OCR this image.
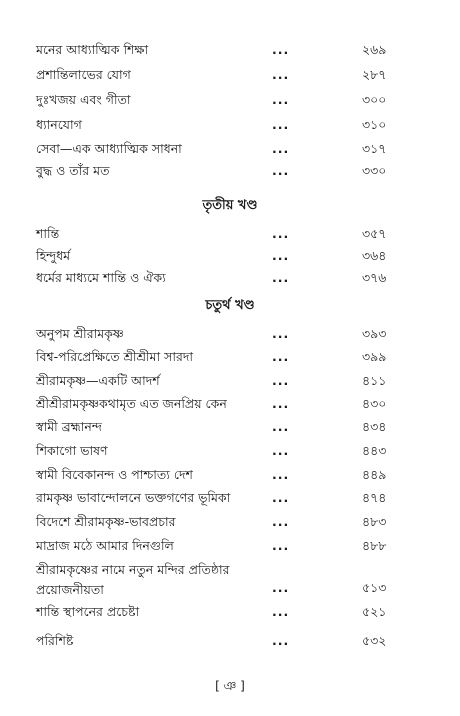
মনের আধ্যাত্মিক শিক্ষা	...	২৬৯
প্রশান্তিলাভের যোগ	...	২৮৭
দুঃখজয় এবং গীতা	...	৩০০
ধ্যানযোগ	...	৩১০
সেবা—এক আধ্যাত্মিক সাধনা	...	৩১৭
বুদ্ধ ও তাঁর মত	...	৩৩০
তৃতীয় খণ্ড
শান্তি	...	৩৫৭
হিন্দুধর্ম	...	৩৬৪
ধর্মের মাধ্যমে শান্তি ও ঐক্য	...	৩৭৬
চতুর্থ খণ্ড
অনুপম শ্রীরামকৃষ্ণ	...	৩৯৩
বিশ্ব-পরিপ্রেক্ষিতে শ্রীশ্রীমা সারদা	...	৩৯৯
শ্রীরামকৃষ্ণ—একটি আদর্শ	...	৪১১
শ্রীশ্রীরামকৃষ্ণকথামৃত এত জনপ্রিয় কেন	...	৪৩০
স্বামী ব্রহ্মানন্দ	...	৪৩৪
শিকাগো ভাষণ	...	৪৪৩
স্বামী বিবেকানন্দ ও পাশ্চাত্য দেশ	...	৪৪৯
রামকৃষ্ণ ভাবান্দোলনে ভক্তগণের ভূমিকা	...	৪৭৪
বিদেশে শ্রীরামকৃষ্ণ-ভাবপ্রচার	...	৪৮৩
মাদ্রাজ মঠে আমার দিনগুলি	...	৪৮৮
শ্রীরামকৃষ্ণের নামে নতুন মন্দির প্রতিষ্ঠার প্রয়োজনীয়তা	...	৫১৩
শান্তি স্থাপনের প্রচেষ্টা	...	৫২১
পরিশিষ্ট	...	৫৩২
[ ঞ ]
